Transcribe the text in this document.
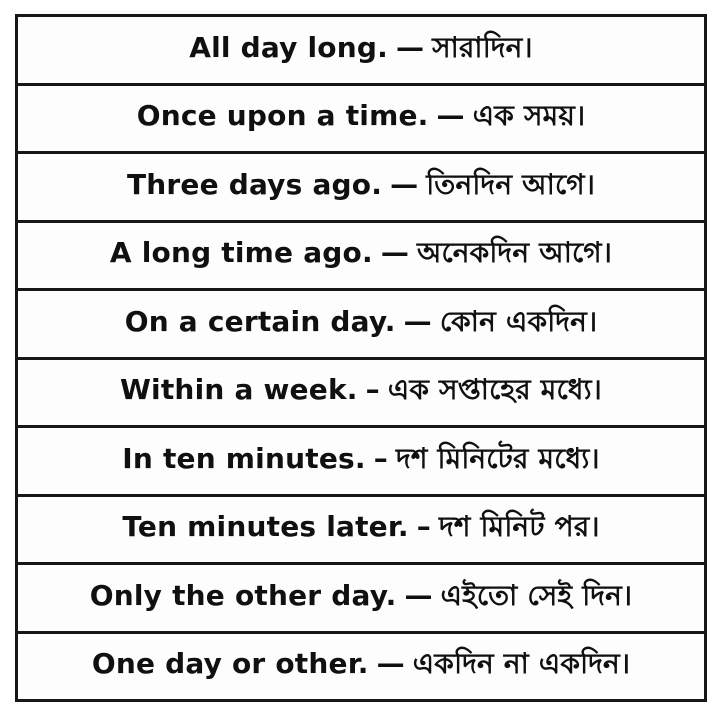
All day long. — সারাদিন।
Once upon a time. — এক সময়।
Three days ago. — তিনদিন আগে।
A long time ago. — অনেকদিন আগে।
On a certain day. — কোন একদিন।
Within a week. – এক সপ্তাহের মধ্যে।
In ten minutes. – দশ মিনিটের মধ্যে।
Ten minutes later. – দশ মিনিট পর।
Only the other day. — এইতো সেই দিন।
One day or other. — একদিন না একদিন।
